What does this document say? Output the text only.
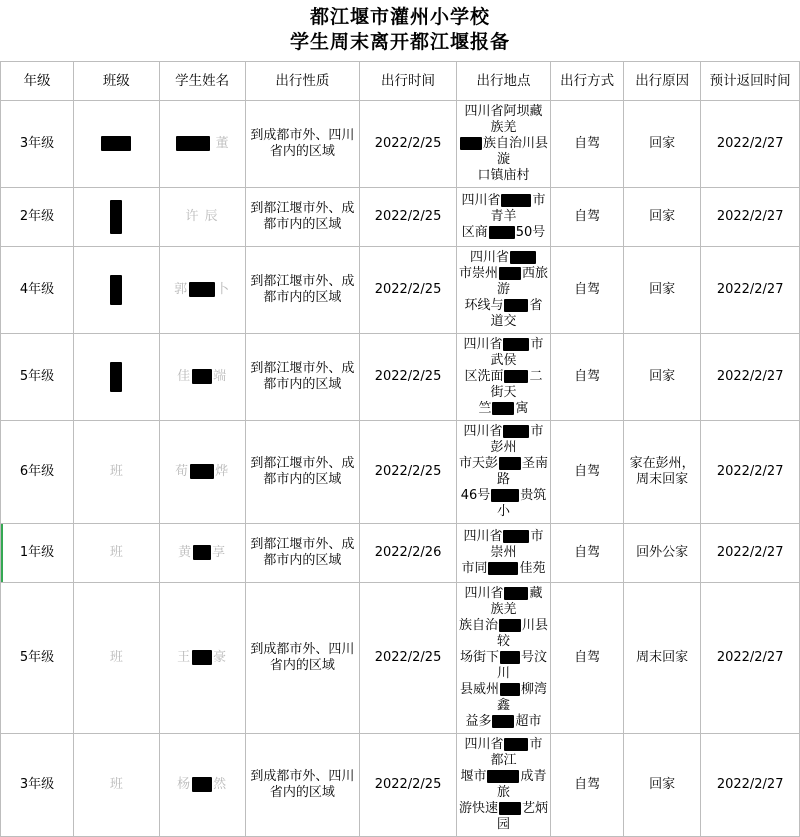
都江堰市灌州小学校
学生周末离开都江堰报备
年级	班级	学生姓名	出行性质	出行时间	出行地点	出行方式	出行原因	预计返回时间
3年级		董	到成都市外、四川省内的区域	2022/2/25	四川省阿坝藏族羌
族自治川县漩
口镇庙村	自驾	回家	2022/2/27
2年级		许 辰	到都江堰市外、成都市内的区域	2022/2/25	四川省 市青羊
区商 50号	自驾	回家	2022/2/27
4年级		郭 卜	到都江堰市外、成都市内的区域	2022/2/25	四川省
市崇州 西旅游
环线与 省道交	自驾	回家	2022/2/27
5年级		佳 端	到都江堰市外、成都市内的区域	2022/2/25	四川省 市武侯
区洗面 二街天
竺 寓	自驾	回家	2022/2/27
6年级	班	荀 烨	到都江堰市外、成都市内的区域	2022/2/25	四川省 市彭州
市天彭 圣南路
46号 贵筑小	自驾	家在彭州，周末回家	2022/2/27
1年级	班	黄 享	到都江堰市外、成都市内的区域	2022/2/26	四川省 市崇州
市同 佳苑	自驾	回外公家	2022/2/27
5年级	班	王 豪	到成都市外、四川省内的区域	2022/2/25	四川省 藏族羌
族自治 川县较
场街下 号汶川
县威州 柳湾鑫
益多 超市	自驾	周末回家	2022/2/27
3年级	班	杨 然	到成都市外、四川省内的区域	2022/2/25	四川省 市都江
堰市 成青旅
游快速 艺炳园	自驾	回家	2022/2/27
